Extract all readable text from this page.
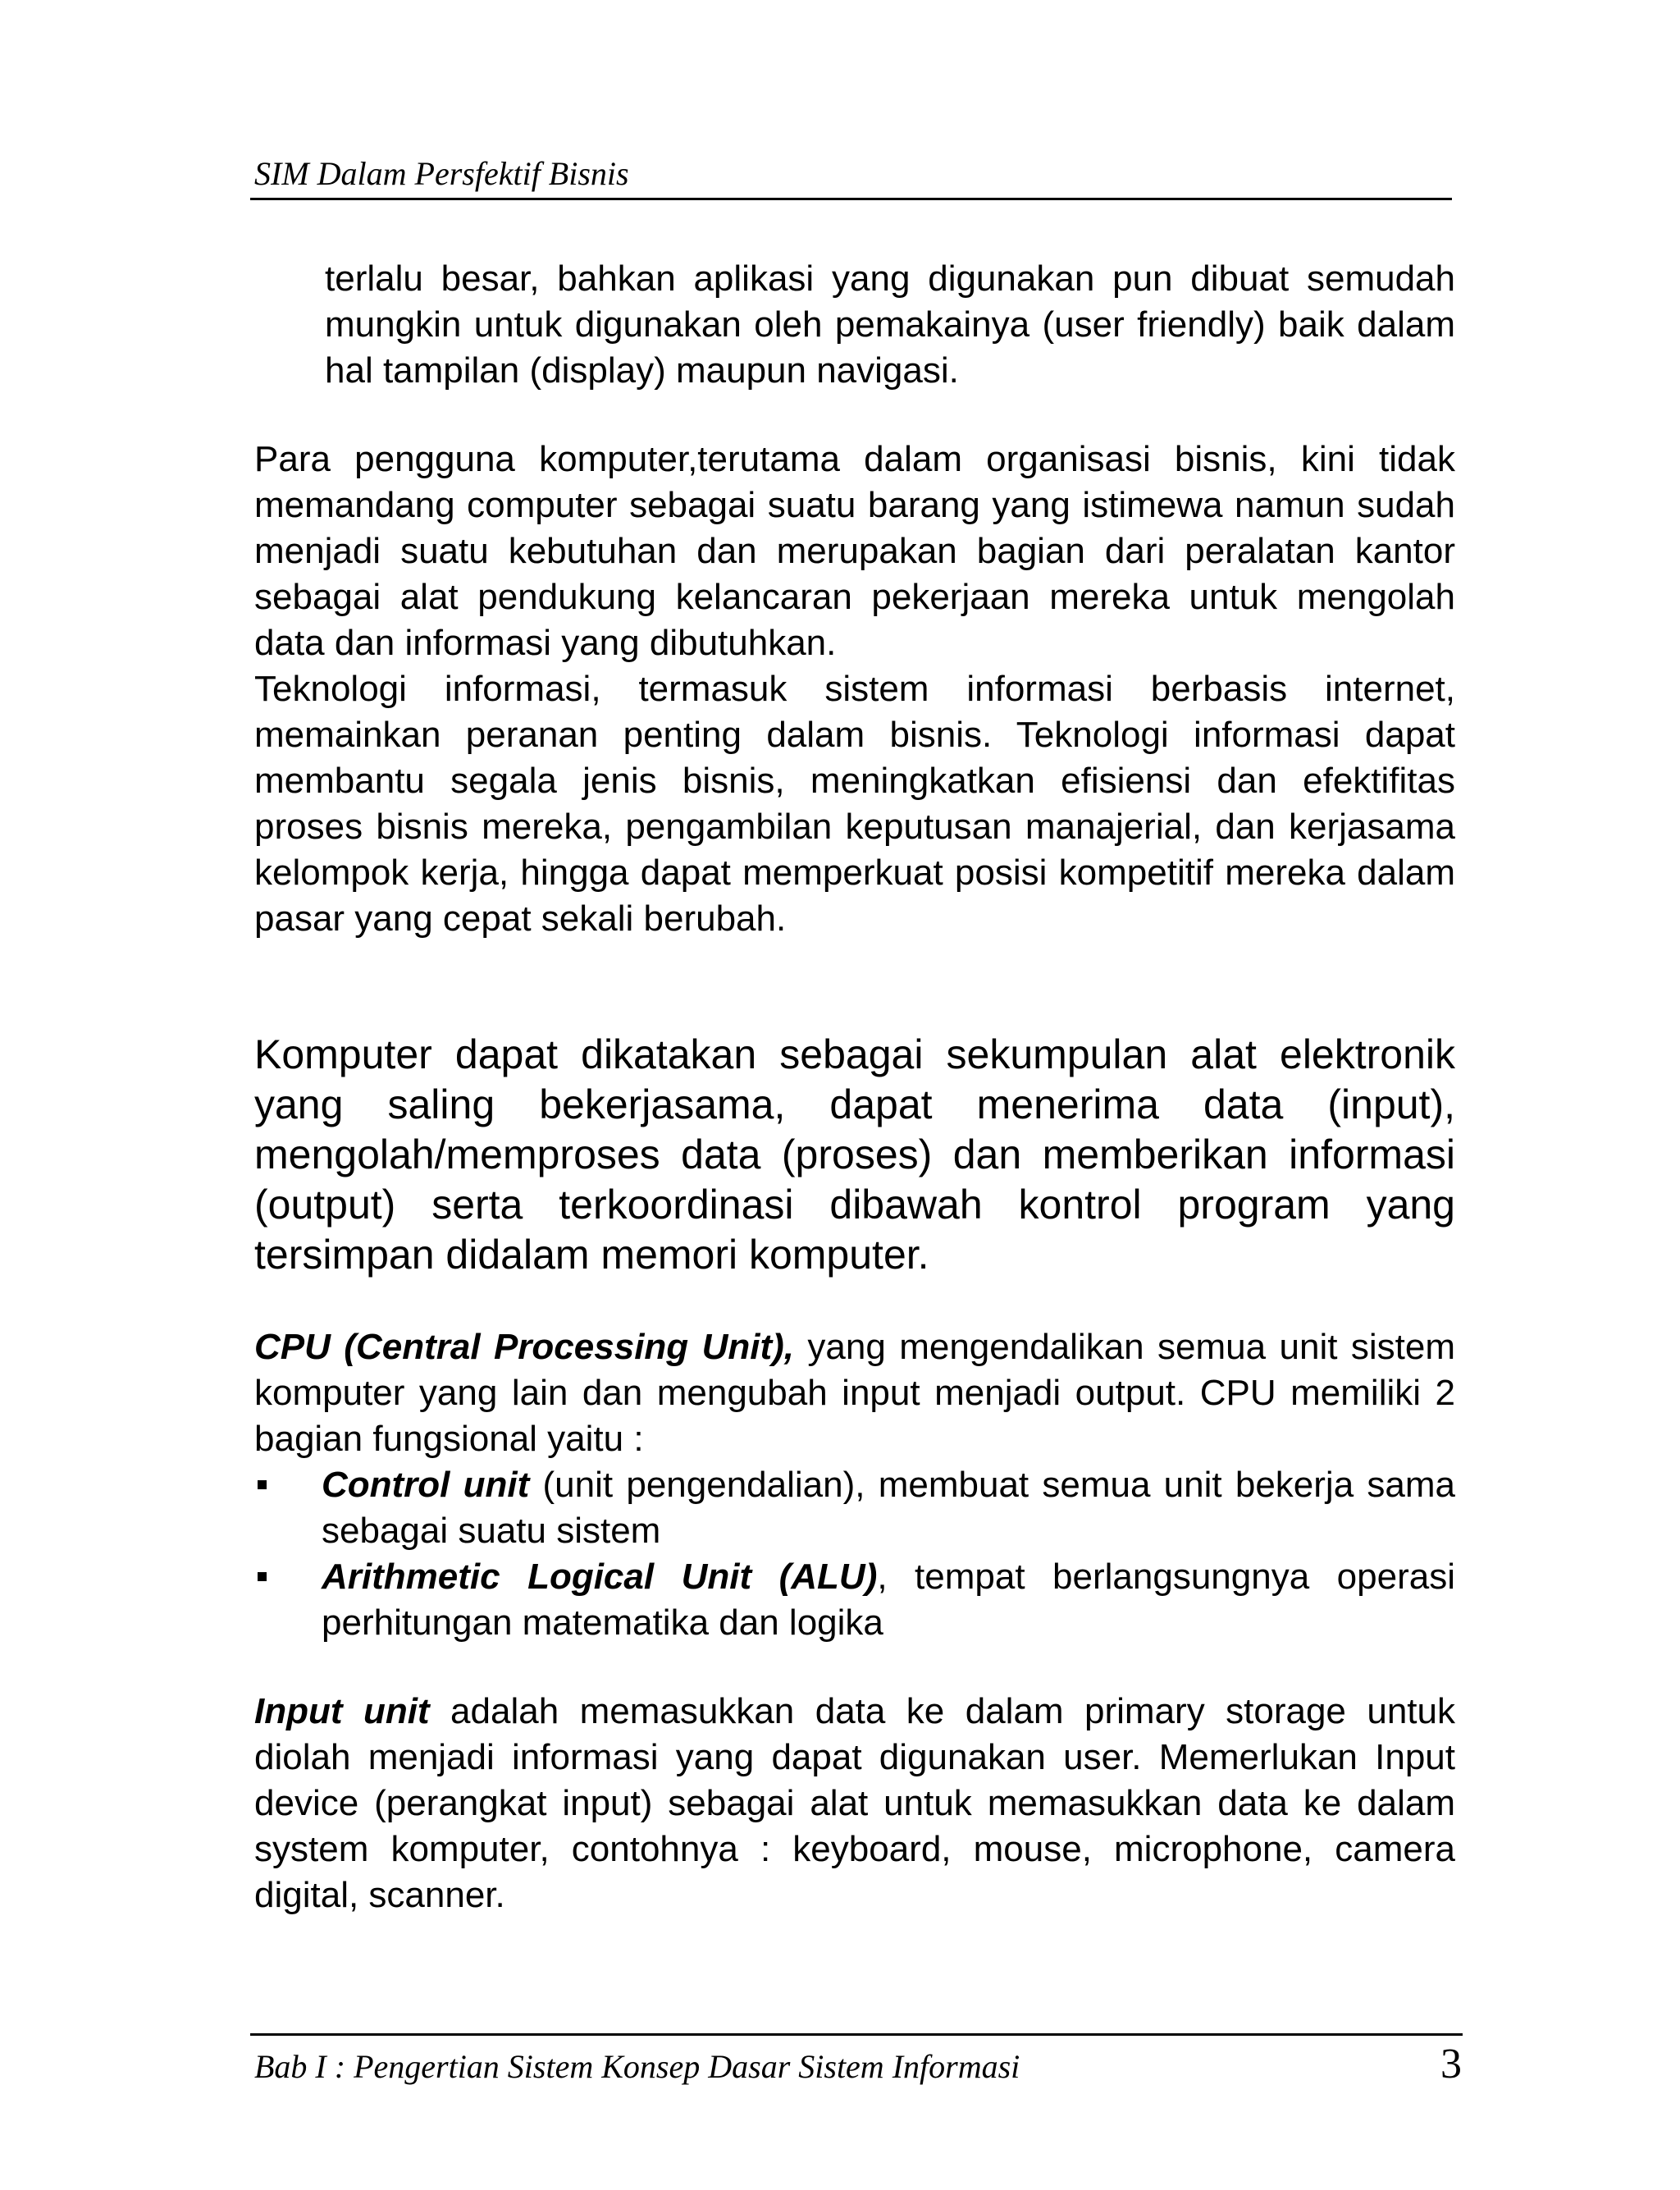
SIM Dalam Persfektif Bisnis

terlalu besar, bahkan aplikasi yang digunakan pun dibuat semudah mungkin untuk digunakan oleh pemakainya (user friendly) baik dalam hal tampilan (display) maupun navigasi.

Para pengguna komputer,terutama dalam organisasi bisnis, kini tidak memandang computer sebagai suatu barang yang istimewa namun sudah menjadi suatu kebutuhan dan merupakan bagian dari peralatan kantor sebagai alat pendukung kelancaran pekerjaan mereka untuk mengolah data dan informasi yang dibutuhkan.

Teknologi informasi, termasuk sistem informasi berbasis internet, memainkan peranan penting dalam bisnis. Teknologi informasi dapat membantu segala jenis bisnis, meningkatkan efisiensi dan efektifitas proses bisnis mereka, pengambilan keputusan manajerial, dan kerjasama kelompok kerja, hingga dapat memperkuat posisi kompetitif mereka dalam pasar yang cepat sekali berubah.

Komputer dapat dikatakan sebagai sekumpulan alat elektronik yang saling bekerjasama, dapat menerima data (input), mengolah/memproses data (proses) dan memberikan informasi (output) serta terkoordinasi dibawah kontrol program yang tersimpan didalam memori komputer.

CPU (Central Processing Unit), yang mengendalikan semua unit sistem komputer yang lain dan mengubah input menjadi output. CPU memiliki 2 bagian fungsional yaitu :

Control unit (unit pengendalian), membuat semua unit bekerja sama sebagai suatu sistem
Arithmetic Logical Unit (ALU), tempat berlangsungnya operasi perhitungan matematika dan logika

Input unit adalah memasukkan data ke dalam primary storage untuk diolah menjadi informasi yang dapat digunakan user. Memerlukan Input device (perangkat input) sebagai alat untuk memasukkan data ke dalam system komputer, contohnya : keyboard, mouse, microphone, camera digital, scanner.

Bab I : Pengertian Sistem Konsep Dasar Sistem Informasi	3
